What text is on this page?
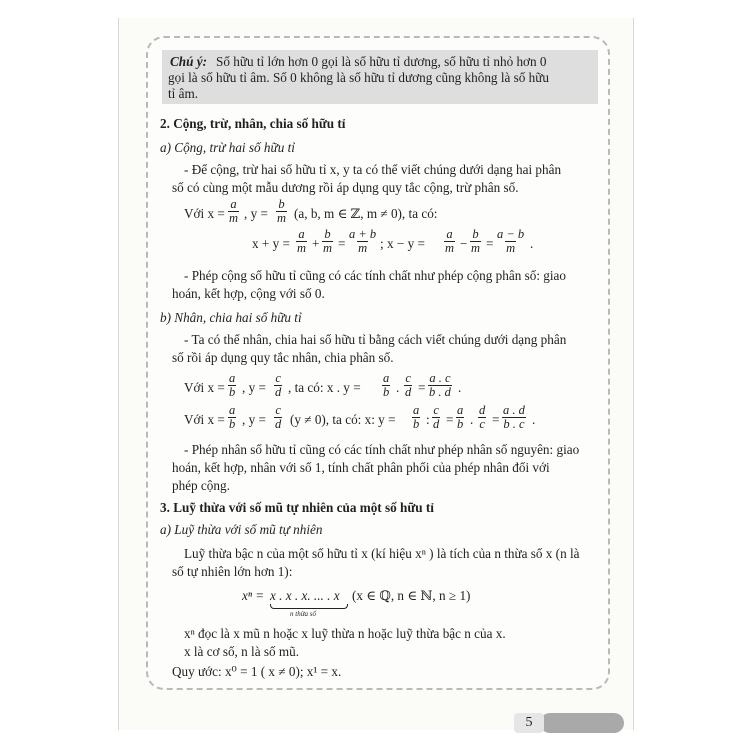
Chú ý: Số hữu tỉ lớn hơn 0 gọi là số hữu tỉ dương, số hữu tỉ nhỏ hơn 0
gọi là số hữu tỉ âm. Số 0 không là số hữu tỉ dương cũng không là số hữu
tỉ âm.
2. Cộng, trừ, nhân, chia số hữu tỉ
a) Cộng, trừ hai số hữu tỉ
- Để cộng, trừ hai số hữu tỉ x, y ta có thể viết chúng dưới dạng hai phân
số có cùng một mẫu dương rồi áp dụng quy tắc cộng, trừ phân số.
Với $x = \frac{a}{m}$ , $y = \frac{b}{m} (a$, b, m ∈ ℤ, m ≠ 0), ta có:
$x + y = \frac{a}{m} + \frac{b}{m} = \frac{a + b}{m}$ ; $x - y = \frac{a}{m} - \frac{b}{m} = \frac{a - b}{m}$ .
- Phép cộng số hữu tỉ cũng có các tính chất như phép cộng phân số: giao
hoán, kết hợp, cộng với số 0.
b) Nhân, chia hai số hữu tỉ
- Ta có thể nhân, chia hai số hữu tỉ bằng cách viết chúng dưới dạng phân
số rồi áp dụng quy tắc nhân, chia phân số.
Với $x = \frac{a}{b}$ , $y = \frac{c}{d}$ , ta có: x . $y = \frac{a}{b}$ . $\frac{c}{d} = \frac{a . c}{b . d}$ .
Với $x = \frac{a}{b}$ , $y = \frac{c}{d} (y \ne 0)$, ta có: x: $y = \frac{a}{b}$ : $\frac{c}{d} = \frac{a}{b}$ . $\frac{d}{c} = \frac{a . d}{b . c}$ .
- Phép nhân số hữu tỉ cũng có các tính chất như phép nhân số nguyên: giao
hoán, kết hợp, nhân với số 1, tính chất phân phối của phép nhân đối với
phép cộng.
3. Luỹ thừa với số mũ tự nhiên của một số hữu tỉ
a) Luỹ thừa với số mũ tự nhiên
Luỹ thừa bậc n của một số hữu tỉ x (kí hiệu xⁿ ) là tích của n thừa số x (n là
số tự nhiên lớn hơn 1):
xⁿ = x . x . x. ... . x
n thừa số
(x ∈ ℚ, n ∈ ℕ, n ≥ 1)
xⁿ đọc là x mũ n hoặc x luỹ thừa n hoặc luỹ thừa bậc n của x.
x là cơ số, n là số mũ.
Quy ước: x⁰ = 1 ( x ≠ 0); x¹ = x.
5
